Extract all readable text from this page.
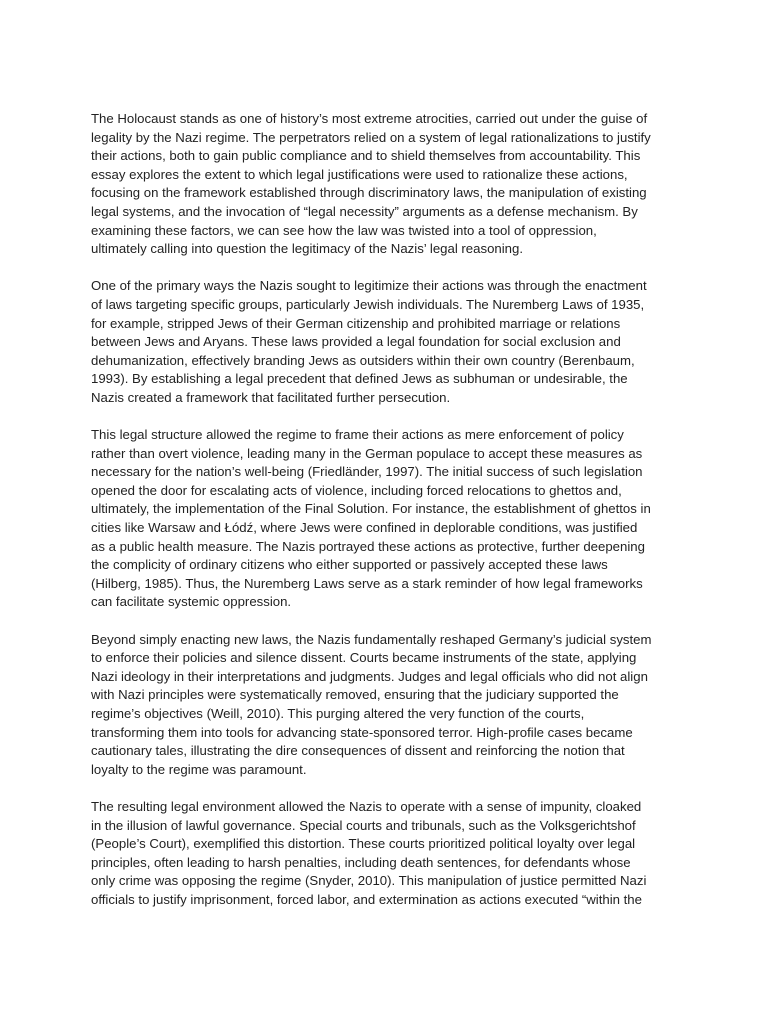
The Holocaust stands as one of history’s most extreme atrocities, carried out under the guise of
legality by the Nazi regime. The perpetrators relied on a system of legal rationalizations to justify
their actions, both to gain public compliance and to shield themselves from accountability. This
essay explores the extent to which legal justifications were used to rationalize these actions,
focusing on the framework established through discriminatory laws, the manipulation of existing
legal systems, and the invocation of “legal necessity” arguments as a defense mechanism. By
examining these factors, we can see how the law was twisted into a tool of oppression,
ultimately calling into question the legitimacy of the Nazis’ legal reasoning.

One of the primary ways the Nazis sought to legitimize their actions was through the enactment
of laws targeting specific groups, particularly Jewish individuals. The Nuremberg Laws of 1935,
for example, stripped Jews of their German citizenship and prohibited marriage or relations
between Jews and Aryans. These laws provided a legal foundation for social exclusion and
dehumanization, effectively branding Jews as outsiders within their own country (Berenbaum,
1993). By establishing a legal precedent that defined Jews as subhuman or undesirable, the
Nazis created a framework that facilitated further persecution.

This legal structure allowed the regime to frame their actions as mere enforcement of policy
rather than overt violence, leading many in the German populace to accept these measures as
necessary for the nation’s well-being (Friedländer, 1997). The initial success of such legislation
opened the door for escalating acts of violence, including forced relocations to ghettos and,
ultimately, the implementation of the Final Solution. For instance, the establishment of ghettos in
cities like Warsaw and Łódź, where Jews were confined in deplorable conditions, was justified
as a public health measure. The Nazis portrayed these actions as protective, further deepening
the complicity of ordinary citizens who either supported or passively accepted these laws
(Hilberg, 1985). Thus, the Nuremberg Laws serve as a stark reminder of how legal frameworks
can facilitate systemic oppression.

Beyond simply enacting new laws, the Nazis fundamentally reshaped Germany’s judicial system
to enforce their policies and silence dissent. Courts became instruments of the state, applying
Nazi ideology in their interpretations and judgments. Judges and legal officials who did not align
with Nazi principles were systematically removed, ensuring that the judiciary supported the
regime’s objectives (Weill, 2010). This purging altered the very function of the courts,
transforming them into tools for advancing state-sponsored terror. High-profile cases became
cautionary tales, illustrating the dire consequences of dissent and reinforcing the notion that
loyalty to the regime was paramount.

The resulting legal environment allowed the Nazis to operate with a sense of impunity, cloaked
in the illusion of lawful governance. Special courts and tribunals, such as the Volksgerichtshof
(People’s Court), exemplified this distortion. These courts prioritized political loyalty over legal
principles, often leading to harsh penalties, including death sentences, for defendants whose
only crime was opposing the regime (Snyder, 2010). This manipulation of justice permitted Nazi
officials to justify imprisonment, forced labor, and extermination as actions executed “within the
